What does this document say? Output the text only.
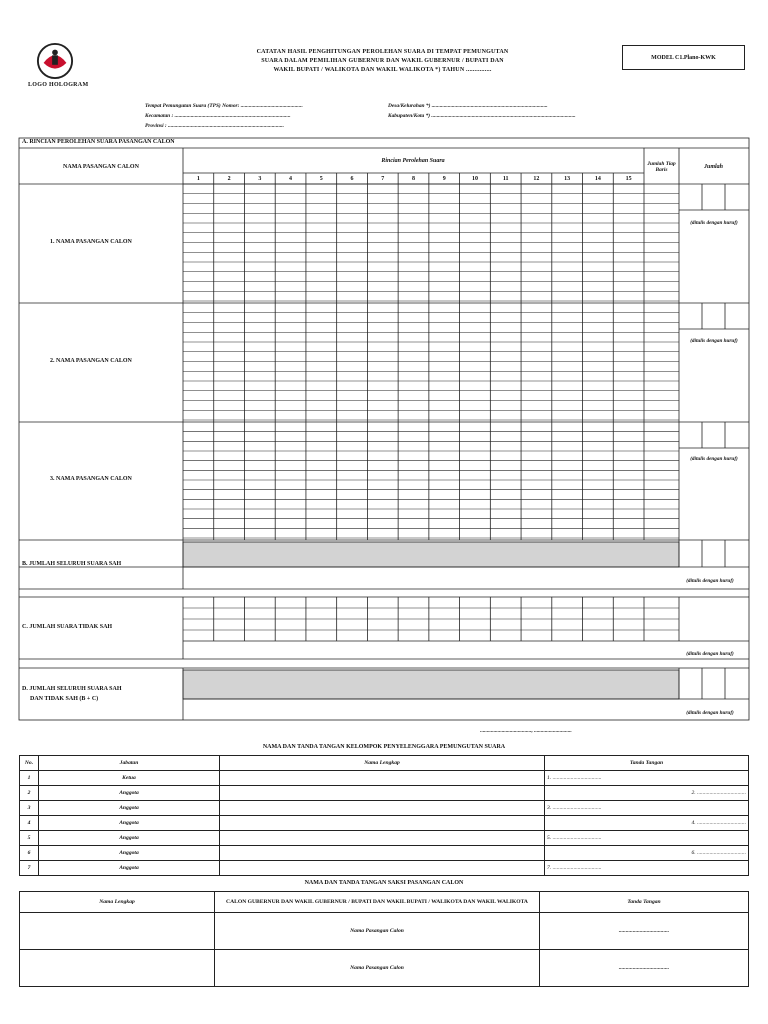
LOGO HOLOGRAM
CATATAN HASIL PENGHITUNGAN PEROLEHAN SUARA DI TEMPAT PEMUNGUTAN
SUARA DALAM PEMILIHAN GUBERNUR DAN WAKIL GUBERNUR / BUPATI DAN
WAKIL BUPATI / WALIKOTA DAN WAKIL WALIKOTA *) TAHUN ...............
MODEL C1.Plano-KWK
Tempat Pemungutan Suara (TPS) Nomor: ..............................................	Desa/Kelurahan *) ......................................................................................
Kecamatan : ......................................................................................	Kabupaten/Kota *) ...........................................................................................................
Provinsi : ......................................................................................
A. RINCIAN PEROLEHAN SUARA PASANGAN CALON
NAMA PASANGAN CALON
Rincian Perolehan Suara	Jumlah Tiap Baris	Jumlah
1	2	3	4	5	6	7	8	9	10	11	12	13	14	15
1. NAMA PASANGAN CALON
(ditulis dengan huruf)
2. NAMA PASANGAN CALON
(ditulis dengan huruf)
3. NAMA PASANGAN CALON
(ditulis dengan huruf)
B. JUMLAH SELURUH SUARA SAH
(ditulis dengan huruf)
C. JUMLAH SUARA TIDAK SAH
(ditulis dengan huruf)
D. JUMLAH SELURUH SUARA SAH
DAN TIDAK SAH (B + C)
(ditulis dengan huruf)
......................................, ............................
NAMA DAN TANDA TANGAN KELOMPOK PENYELENGGARA PEMUNGUTAN SUARA
No.	Jabatan	Nama Lengkap	Tanda Tangan
1	Ketua		1. ...................................
2	Anggota		2. ...................................
3	Anggota		3. ...................................
4	Anggota		4. ...................................
5	Anggota		5. ...................................
6	Anggota		6. ...................................
7	Anggota		7. ...................................
NAMA DAN TANDA TANGAN SAKSI PASANGAN CALON
Nama Lengkap	CALON GUBERNUR DAN WAKIL GUBERNUR / BUPATI DAN WAKIL BUPATI / WALIKOTA DAN WAKIL WALIKOTA	Tanda Tangan
	Nama Pasangan Calon	....................................
	Nama Pasangan Calon	....................................
